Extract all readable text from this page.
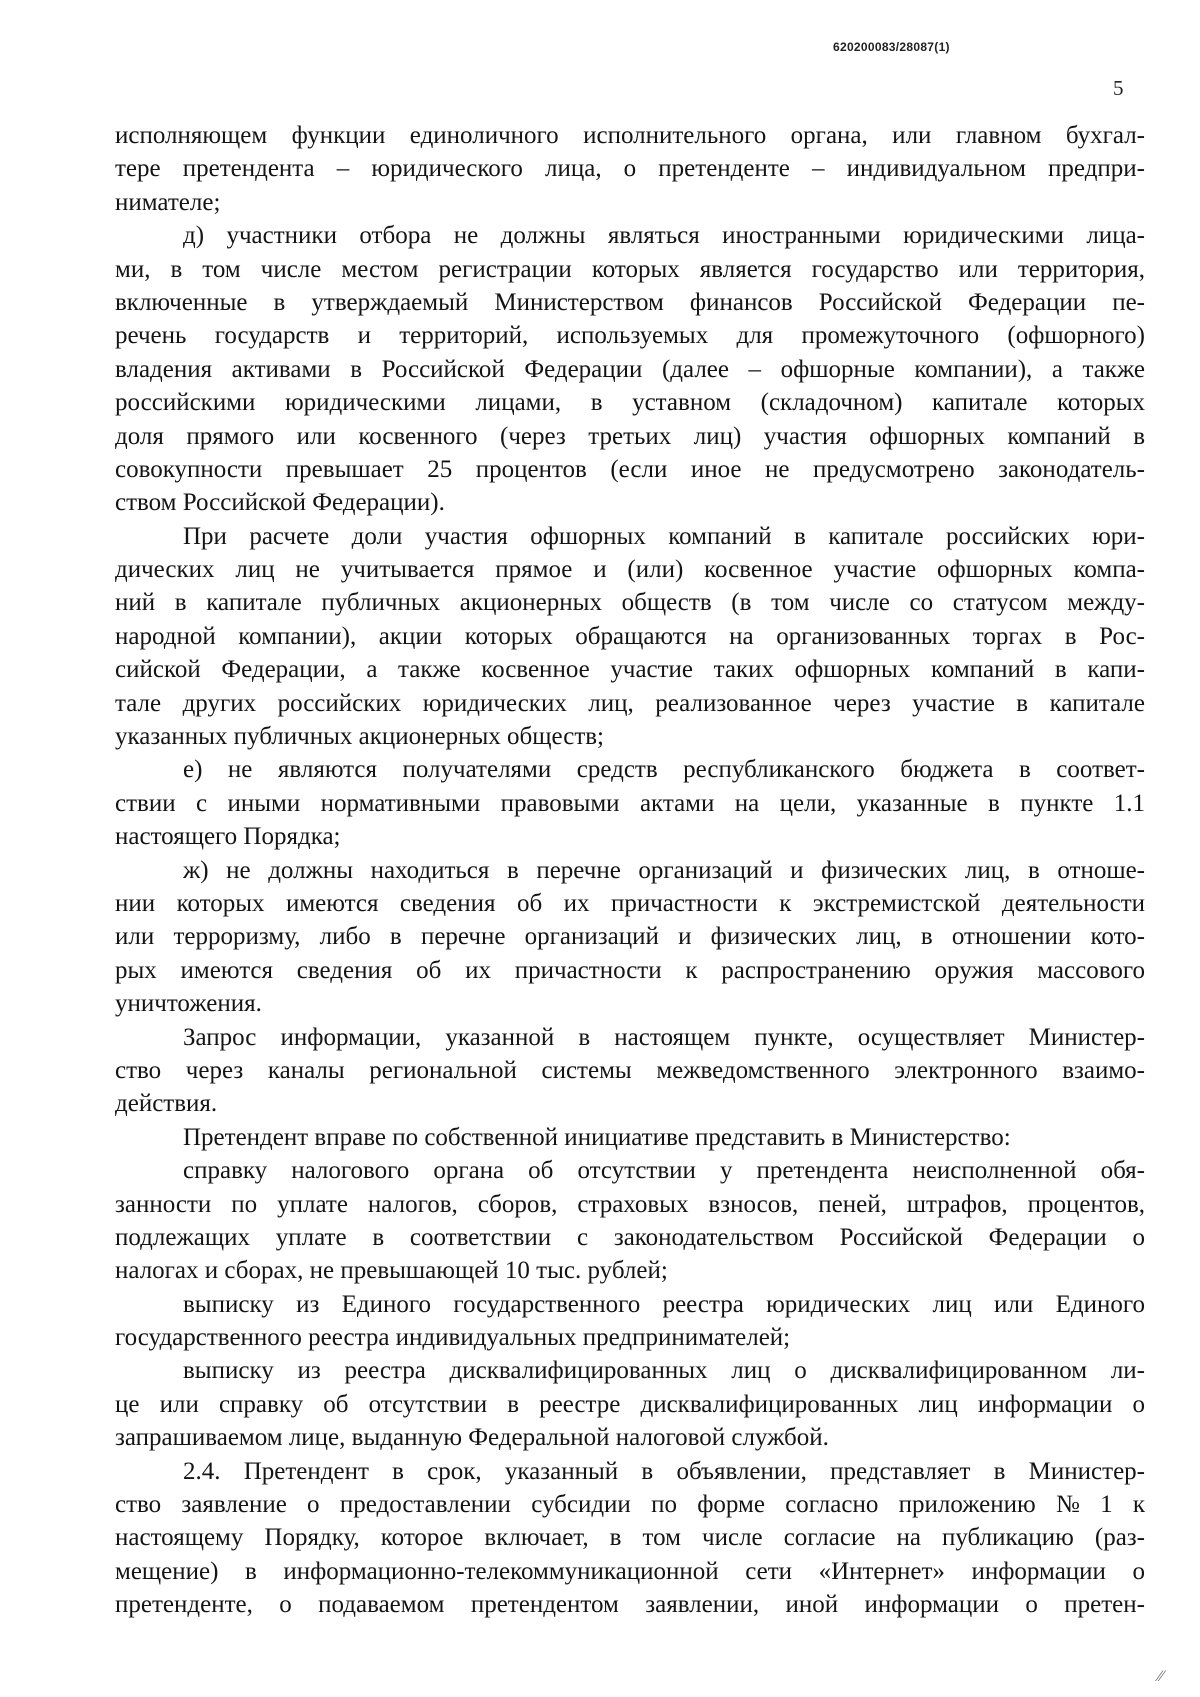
620200083/28087(1)
5
исполняющем функции единоличного исполнительного органа, или главном бухгал-
тере претендента – юридического лица, о претенденте – индивидуальном предпри-
нимателе;
д) участники отбора не должны являться иностранными юридическими лица-
ми, в том числе местом регистрации которых является государство или территория,
включенные в утверждаемый Министерством финансов Российской Федерации пе-
речень государств и территорий, используемых для промежуточного (офшорного)
владения активами в Российской Федерации (далее – офшорные компании), а также
российскими юридическими лицами, в уставном (складочном) капитале которых
доля прямого или косвенного (через третьих лиц) участия офшорных компаний в
совокупности превышает 25 процентов (если иное не предусмотрено законодатель-
ством Российской Федерации).
При расчете доли участия офшорных компаний в капитале российских юри-
дических лиц не учитывается прямое и (или) косвенное участие офшорных компа-
ний в капитале публичных акционерных обществ (в том числе со статусом между-
народной компании), акции которых обращаются на организованных торгах в Рос-
сийской Федерации, а также косвенное участие таких офшорных компаний в капи-
тале других российских юридических лиц, реализованное через участие в капитале
указанных публичных акционерных обществ;
е) не являются получателями средств республиканского бюджета в соответ-
ствии с иными нормативными правовыми актами на цели, указанные в пункте 1.1
настоящего Порядка;
ж) не должны находиться в перечне организаций и физических лиц, в отноше-
нии которых имеются сведения об их причастности к экстремистской деятельности
или терроризму, либо в перечне организаций и физических лиц, в отношении кото-
рых имеются сведения об их причастности к распространению оружия массового
уничтожения.
Запрос информации, указанной в настоящем пункте, осуществляет Министер-
ство через каналы региональной системы межведомственного электронного взаимо-
действия.
Претендент вправе по собственной инициативе представить в Министерство:
справку налогового органа об отсутствии у претендента неисполненной обя-
занности по уплате налогов, сборов, страховых взносов, пеней, штрафов, процентов,
подлежащих уплате в соответствии с законодательством Российской Федерации о
налогах и сборах, не превышающей 10 тыс. рублей;
выписку из Единого государственного реестра юридических лиц или Единого
государственного реестра индивидуальных предпринимателей;
выписку из реестра дисквалифицированных лиц о дисквалифицированном ли-
це или справку об отсутствии в реестре дисквалифицированных лиц информации о
запрашиваемом лице, выданную Федеральной налоговой службой.
2.4. Претендент в срок, указанный в объявлении, представляет в Министер-
ство заявление о предоставлении субсидии по форме согласно приложению № 1 к
настоящему Порядку, которое включает, в том числе согласие на публикацию (раз-
мещение) в информационно-телекоммуникационной сети «Интернет» информации о
претенденте, о подаваемом претендентом заявлении, иной информации о претен-
⁄⁄
